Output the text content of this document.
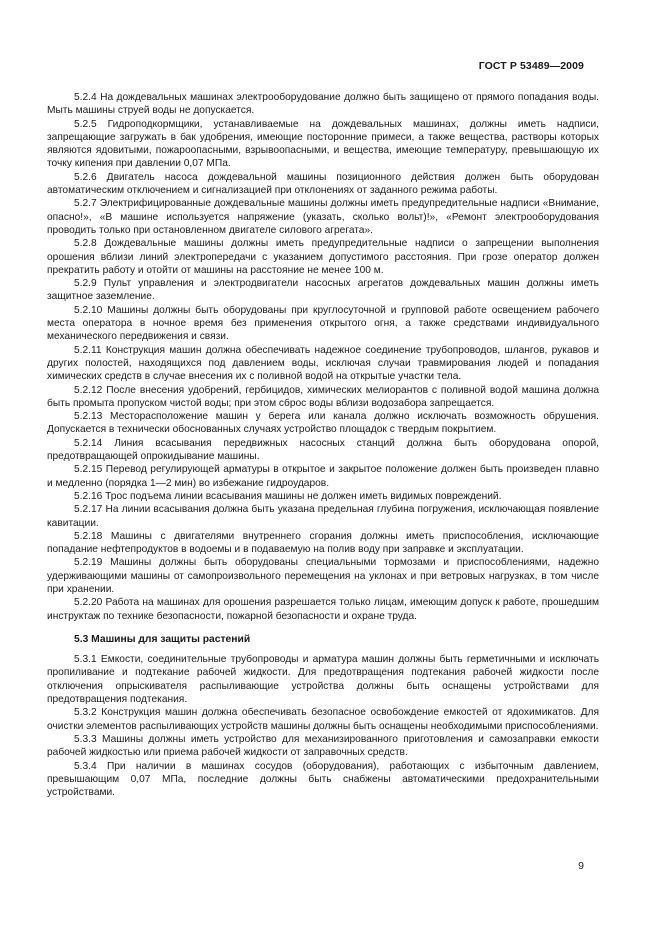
ГОСТ Р 53489—2009

5.2.4 На дождевальных машинах электрооборудование должно быть защищено от прямого попадания воды. Мыть машины струей воды не допускается.

5.2.5 Гидроподкормщики, устанавливаемые на дождевальных машинах, должны иметь надписи, запрещающие загружать в бак удобрения, имеющие посторонние примеси, а также вещества, растворы которых являются ядовитыми, пожароопасными, взрывоопасными, и вещества, имеющие температуру, превышающую их точку кипения при давлении 0,07 МПа.

5.2.6 Двигатель насоса дождевальной машины позиционного действия должен быть оборудован автоматическим отключением и сигнализацией при отклонениях от заданного режима работы.

5.2.7 Электрифицированные дождевальные машины должны иметь предупредительные надписи «Внимание, опасно!», «В машине используется напряжение (указать, сколько вольт)!», «Ремонт электрооборудования проводить только при остановленном двигателе силового агрегата».

5.2.8 Дождевальные машины должны иметь предупредительные надписи о запрещении выполнения орошения вблизи линий электропередачи с указанием допустимого расстояния. При грозе оператор должен прекратить работу и отойти от машины на расстояние не менее 100 м.

5.2.9 Пульт управления и электродвигатели насосных агрегатов дождевальных машин должны иметь защитное заземление.

5.2.10 Машины должны быть оборудованы при круглосуточной и групповой работе освещением рабочего места оператора в ночное время без применения открытого огня, а также средствами индивидуального механического передвижения и связи.

5.2.11 Конструкция машин должна обеспечивать надежное соединение трубопроводов, шлангов, рукавов и других полостей, находящихся под давлением воды, исключая случаи травмирования людей и попадания химических средств в случае внесения их с поливной водой на открытые участки тела.

5.2.12 После внесения удобрений, гербицидов, химических мелиорантов с поливной водой машина должна быть промыта пропуском чистой воды; при этом сброс воды вблизи водозабора запрещается.

5.2.13 Месторасположение машин у берега или канала должно исключать возможность обрушения. Допускается в технически обоснованных случаях устройство площадок с твердым покрытием.

5.2.14 Линия всасывания передвижных насосных станций должна быть оборудована опорой, предотвращающей опрокидывание машины.

5.2.15 Перевод регулирующей арматуры в открытое и закрытое положение должен быть произведен плавно и медленно (порядка 1—2 мин) во избежание гидроударов.

5.2.16 Трос подъема линии всасывания машины не должен иметь видимых повреждений.

5.2.17 На линии всасывания должна быть указана предельная глубина погружения, исключающая появление кавитации.

5.2.18 Машины с двигателями внутреннего сгорания должны иметь приспособления, исключающие попадание нефтепродуктов в водоемы и в подаваемую на полив воду при заправке и эксплуатации.

5.2.19 Машины должны быть оборудованы специальными тормозами и приспособлениями, надежно удерживающими машины от самопроизвольного перемещения на уклонах и при ветровых нагрузках, в том числе при хранении.

5.2.20 Работа на машинах для орошения разрешается только лицам, имеющим допуск к работе, прошедшим инструктаж по технике безопасности, пожарной безопасности и охране труда.

5.3 Машины для защиты растений

5.3.1 Емкости, соединительные трубопроводы и арматура машин должны быть герметичными и исключать пропиливание и подтекание рабочей жидкости. Для предотвращения подтекания рабочей жидкости после отключения опрыскивателя распыливающие устройства должны быть оснащены устройствами для предотвращения подтекания.

5.3.2 Конструкция машин должна обеспечивать безопасное освобождение емкостей от ядохимикатов. Для очистки элементов распыливающих устройств машины должны быть оснащены необходимыми приспособлениями.

5.3.3 Машины должны иметь устройство для механизированного приготовления и самозаправки емкости рабочей жидкостью или приема рабочей жидкости от заправочных средств.

5.3.4 При наличии в машинах сосудов (оборудования), работающих с избыточным давлением, превышающим 0,07 МПа, последние должны быть снабжены автоматическими предохранительными устройствами.

9
